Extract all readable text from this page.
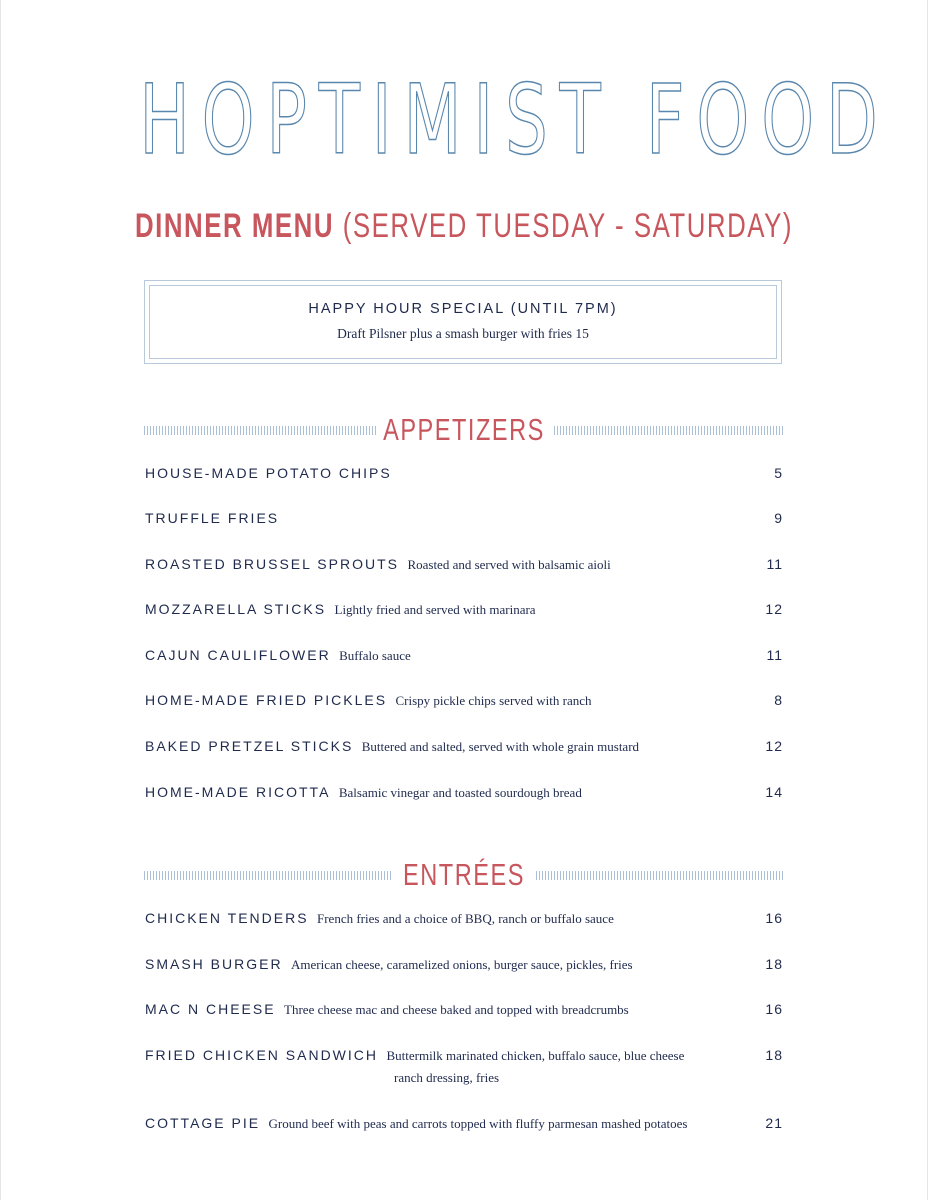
HOPTIMIST FOOD
DINNER MENU (SERVED TUESDAY - SATURDAY)
HAPPY HOUR SPECIAL (UNTIL 7PM)
Draft Pilsner plus a smash burger with fries 15
APPETIZERS
HOUSE-MADE POTATO CHIPS	5
TRUFFLE FRIES	9
ROASTED BRUSSEL SPROUTS Roasted and served with balsamic aioli	11
MOZZARELLA STICKS Lightly fried and served with marinara	12
CAJUN CAULIFLOWER Buffalo sauce	11
HOME-MADE FRIED PICKLES Crispy pickle chips served with ranch	8
BAKED PRETZEL STICKS Buttered and salted, served with whole grain mustard	12
HOME-MADE RICOTTA Balsamic vinegar and toasted sourdough bread	14
ENTRÉES
CHICKEN TENDERS French fries and a choice of BBQ, ranch or buffalo sauce	16
SMASH BURGER American cheese, caramelized onions, burger sauce, pickles, fries	18
MAC N CHEESE Three cheese mac and cheese baked and topped with breadcrumbs	16
FRIED CHICKEN SANDWICH Buttermilk marinated chicken, buffalo sauce, blue cheese	18
ranch dressing, fries
COTTAGE PIE Ground beef with peas and carrots topped with fluffy parmesan mashed potatoes	21
